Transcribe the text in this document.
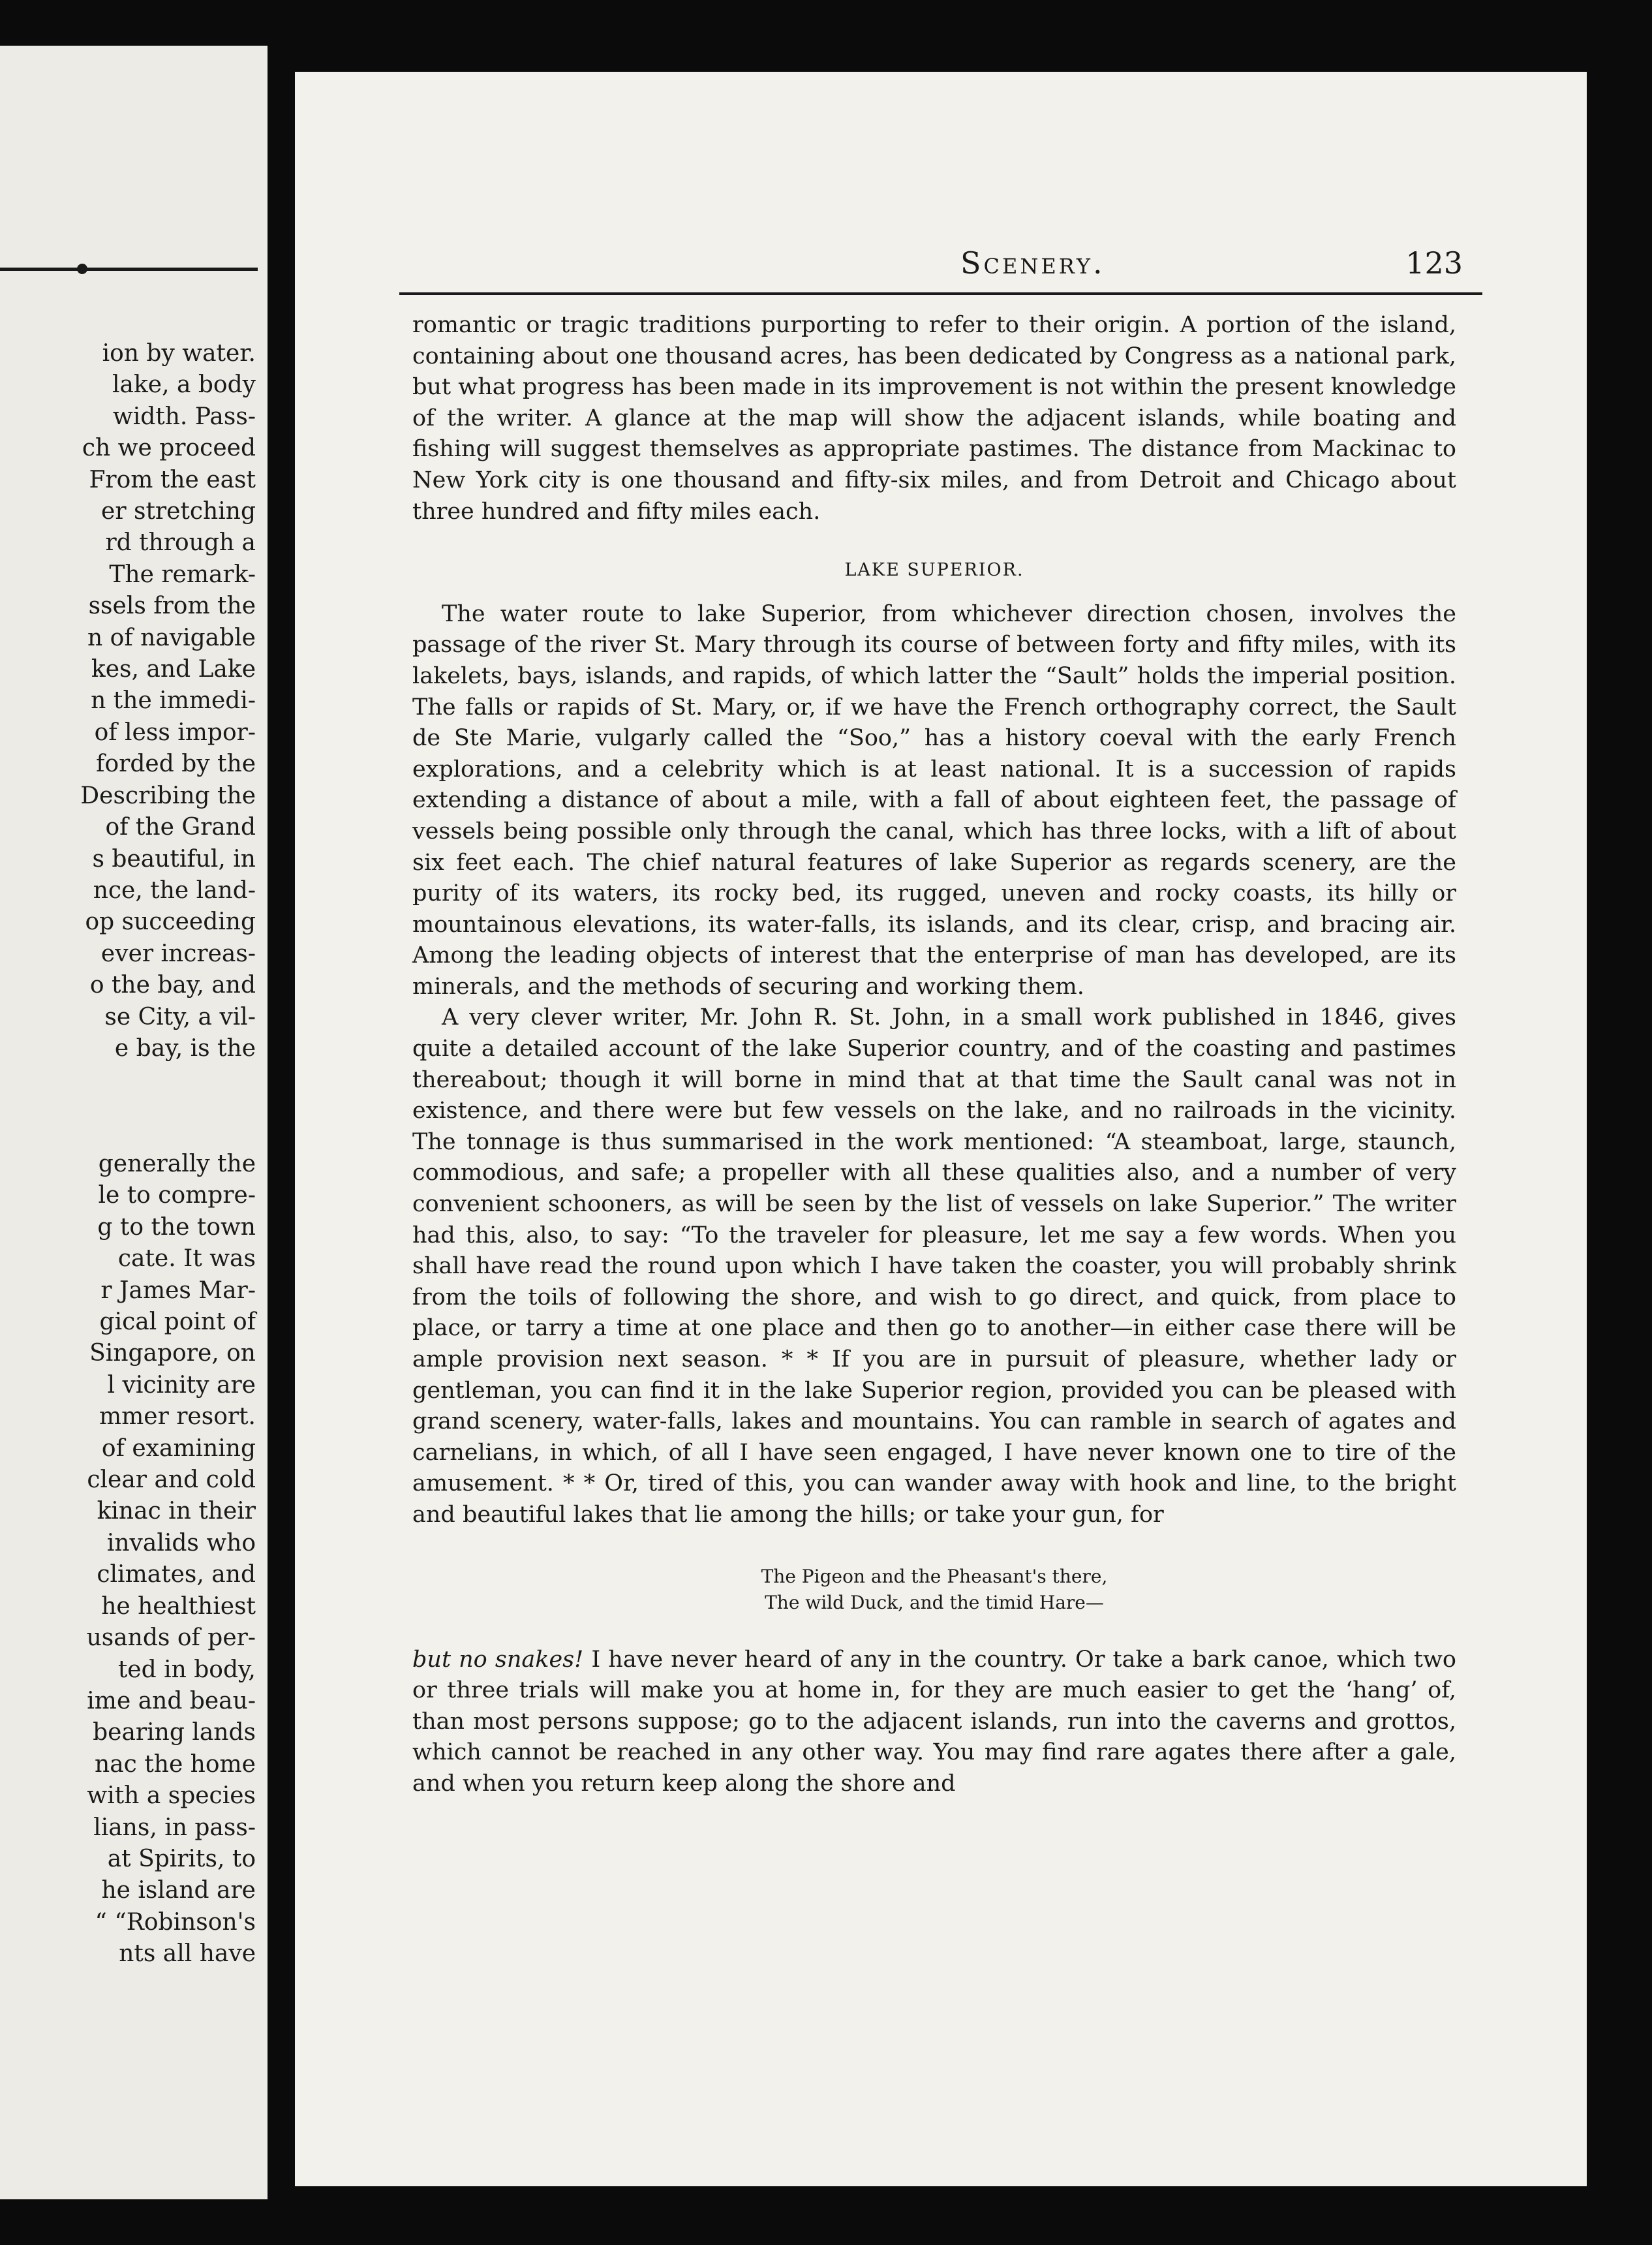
ion by water.
lake, a body
width. Pass-
ch we proceed
From the east
er stretching
rd through a
The remark-
ssels from the
n of navigable
kes, and Lake
n the immedi-
of less impor-
forded by the
Describing the
of the Grand
s beautiful, in
nce, the land-
op succeeding
ever increas-
o the bay, and
se City, a vil-
e bay, is the
generally the
le to compre-
g to the town
cate. It was
r James Mar-
gical point of
Singapore, on
l vicinity are
mmer resort.
of examining
clear and cold
kinac in their
invalids who
climates, and
he healthiest
usands of per-
ted in body,
ime and beau-
bearing lands
nac the home
with a species
lians, in pass-
at Spirits, to
he island are
“ “Robinson's
nts all have
Scenery.	123

romantic or tragic traditions purporting to refer to their origin. A portion of the island, containing about one thousand acres, has been dedicated by Congress as a national park, but what progress has been made in its improvement is not within the present knowledge of the writer. A glance at the map will show the adjacent islands, while boating and fishing will suggest themselves as appropriate pastimes. The distance from Mackinac to New York city is one thousand and fifty-six miles, and from Detroit and Chicago about three hundred and fifty miles each.

LAKE SUPERIOR.

The water route to lake Superior, from whichever direction chosen, involves the passage of the river St. Mary through its course of between forty and fifty miles, with its lakelets, bays, islands, and rapids, of which latter the “Sault” holds the imperial position. The falls or rapids of St. Mary, or, if we have the French orthography correct, the Sault de Ste Marie, vulgarly called the “Soo,” has a history coeval with the early French explorations, and a celebrity which is at least national. It is a succession of rapids extending a distance of about a mile, with a fall of about eighteen feet, the passage of vessels being possible only through the canal, which has three locks, with a lift of about six feet each. The chief natural features of lake Superior as regards scenery, are the purity of its waters, its rocky bed, its rugged, uneven and rocky coasts, its hilly or mountainous elevations, its water-falls, its islands, and its clear, crisp, and bracing air. Among the leading objects of interest that the enterprise of man has developed, are its minerals, and the methods of securing and working them.

A very clever writer, Mr. John R. St. John, in a small work published in 1846, gives quite a detailed account of the lake Superior country, and of the coasting and pastimes thereabout; though it will borne in mind that at that time the Sault canal was not in existence, and there were but few vessels on the lake, and no railroads in the vicinity. The tonnage is thus summarised in the work mentioned: “A steamboat, large, staunch, commodious, and safe; a propeller with all these qualities also, and a number of very convenient schooners, as will be seen by the list of vessels on lake Superior.” The writer had this, also, to say: “To the traveler for pleasure, let me say a few words. When you shall have read the round upon which I have taken the coaster, you will probably shrink from the toils of following the shore, and wish to go direct, and quick, from place to place, or tarry a time at one place and then go to another—in either case there will be ample provision next season. * * If you are in pursuit of pleasure, whether lady or gentleman, you can find it in the lake Superior region, provided you can be pleased with grand scenery, water-falls, lakes and mountains. You can ramble in search of agates and carnelians, in which, of all I have seen engaged, I have never known one to tire of the amusement. * * Or, tired of this, you can wander away with hook and line, to the bright and beautiful lakes that lie among the hills; or take your gun, for

The Pigeon and the Pheasant's there,
The wild Duck, and the timid Hare—

but no snakes! I have never heard of any in the country. Or take a bark canoe, which two or three trials will make you at home in, for they are much easier to get the ‘hang’ of, than most persons suppose; go to the adjacent islands, run into the caverns and grottos, which cannot be reached in any other way. You may find rare agates there after a gale, and when you return keep along the shore and
